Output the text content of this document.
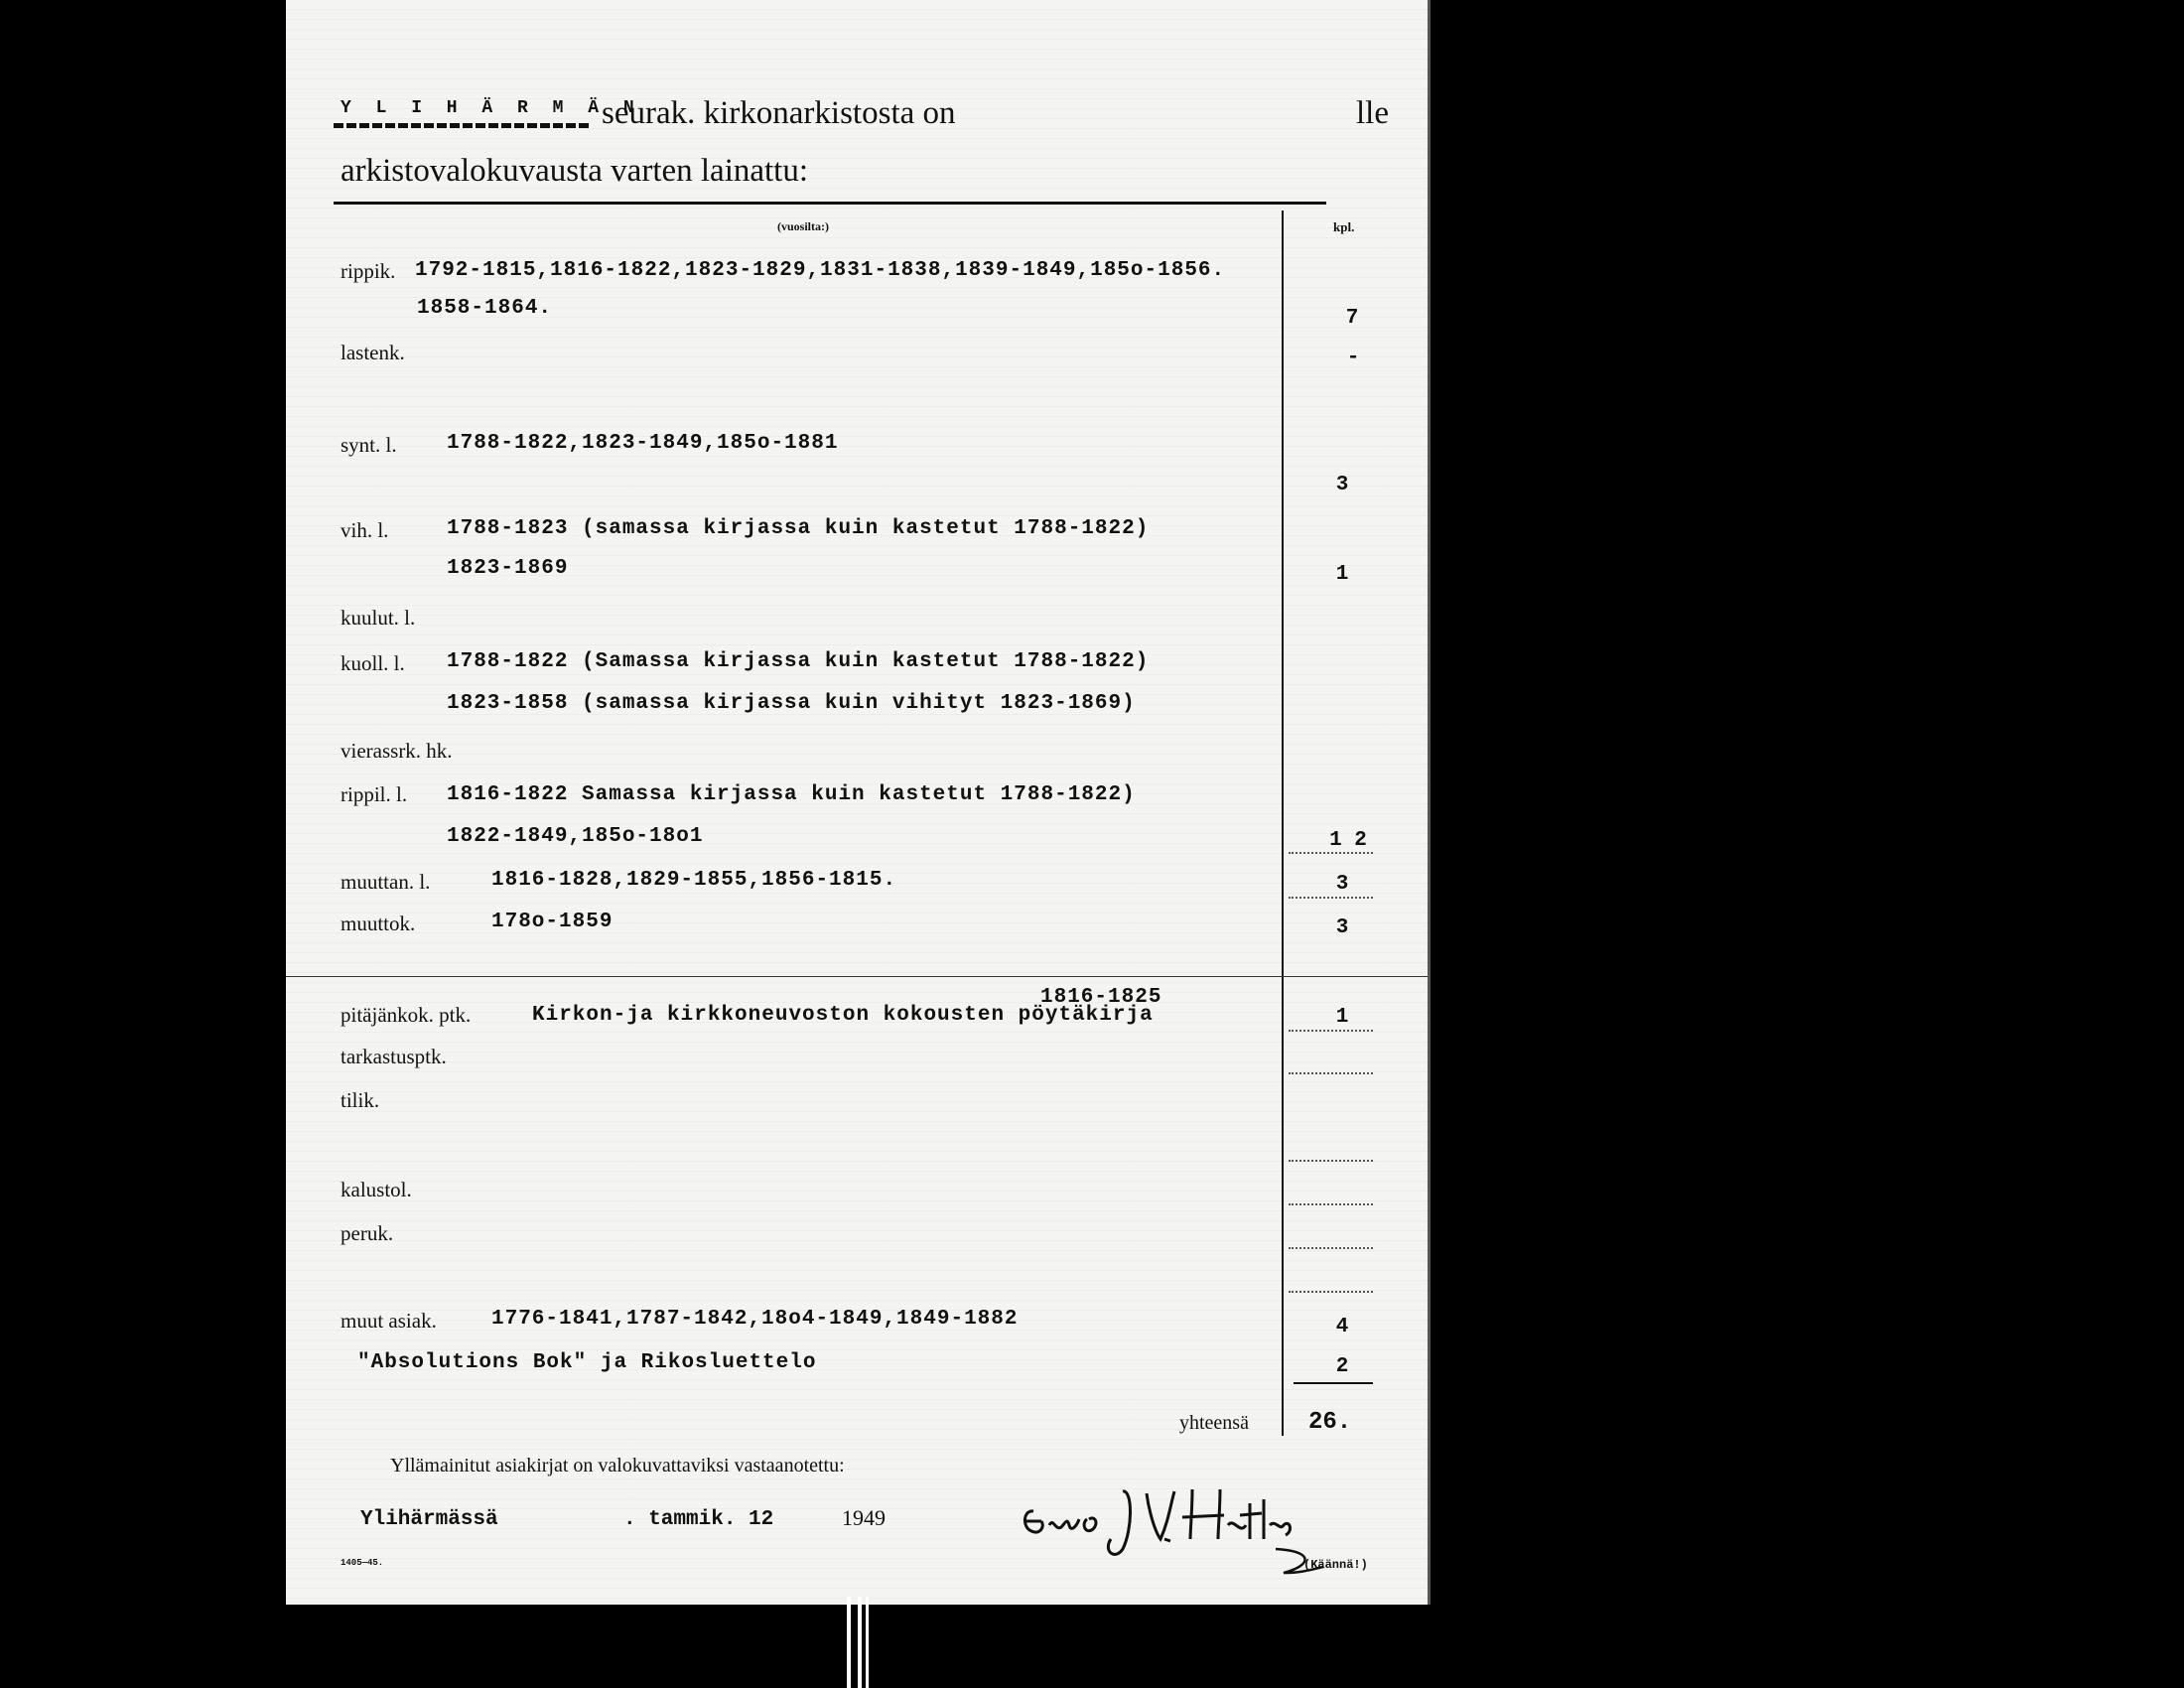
Y L I H Ä R M Ä N
seurak. kirkonarkistosta on	lle
arkistovalokuvausta varten lainattu:
(vuosilta:)	kpl.
rippik. 1792-1815,1816-1822,1823-1829,1831-1838,1839-1849,185o-1856.
1858-1864.	7
lastenk.	-
synt. l. 1788-1822,1823-1849,185o-1881
3
vih. l.	1788-1823 (samassa kirjassa kuin kastetut 1788-1822)
1823-1869	1
kuulut. l.
kuoll. l. 1788-1822 (Samassa kirjassa kuin kastetut 1788-1822)
1823-1858 (samassa kirjassa kuin vihityt 1823-1869)
vierassrk. hk.
rippil. l. 1816-1822 Samassa kirjassa kuin kastetut 1788-1822)
1822-1849,185o-18o1	1 2
muuttan. l.	1816-1828,1829-1855,1856-1815.	3
muuttok.	178o-1859	3
1816-1825
pitäjänkok. ptk.	Kirkon-ja kirkkoneuvoston kokousten pöytäkirja	1
tarkastusptk.
tilik.
kalustol.
peruk.
muut asiak.	1776-1841,1787-1842,18o4-1849,1849-1882	4
"Absolutions Bok" ja Rikosluettelo	2
yhteensä	26.
Yllämainitut asiakirjat on valokuvattaviksi vastaanotettu:
Ylihärmässä	. tammik. 12	1949
1405—45.	(Käännä!)
